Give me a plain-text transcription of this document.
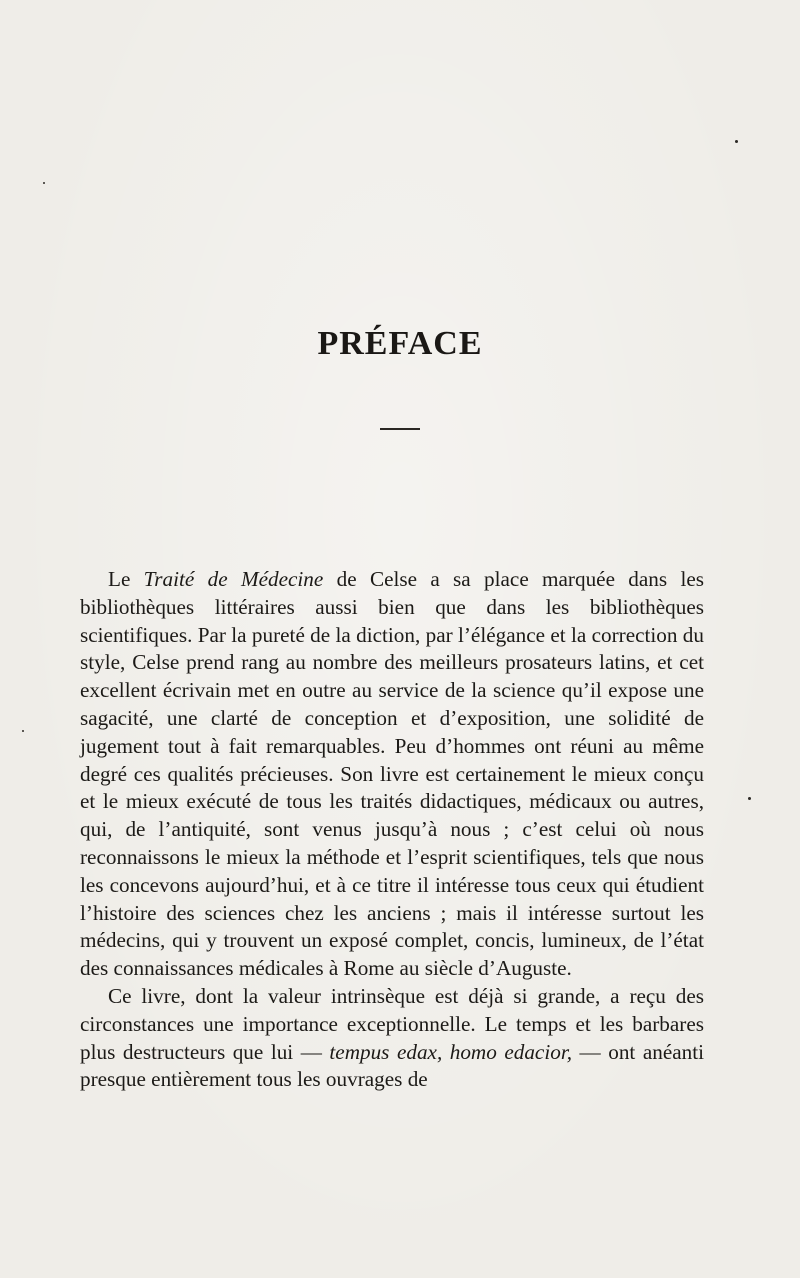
PRÉFACE

Le Traité de Médecine de Celse a sa place marquée dans les bibliothèques littéraires aussi bien que dans les bibliothèques scientifiques. Par la pureté de la diction, par l’élégance et la correction du style, Celse prend rang au nombre des meilleurs prosateurs latins, et cet excellent écrivain met en outre au service de la science qu’il expose une sagacité, une clarté de conception et d’exposition, une solidité de jugement tout à fait remarquables. Peu d’hommes ont réuni au même degré ces qualités précieuses. Son livre est certainement le mieux conçu et le mieux exécuté de tous les traités didactiques, médicaux ou autres, qui, de l’antiquité, sont venus jusqu’à nous ; c’est celui où nous reconnaissons le mieux la méthode et l’esprit scientifiques, tels que nous les concevons aujourd’hui, et à ce titre il intéresse tous ceux qui étudient l’histoire des sciences chez les anciens ; mais il intéresse surtout les médecins, qui y trouvent un exposé complet, concis, lumineux, de l’état des connaissances médicales à Rome au siècle d’Auguste.

Ce livre, dont la valeur intrinsèque est déjà si grande, a reçu des circonstances une importance exceptionnelle. Le temps et les barbares plus destructeurs que lui — tempus edax, homo edacior, — ont anéanti presque entièrement tous les ouvrages de
